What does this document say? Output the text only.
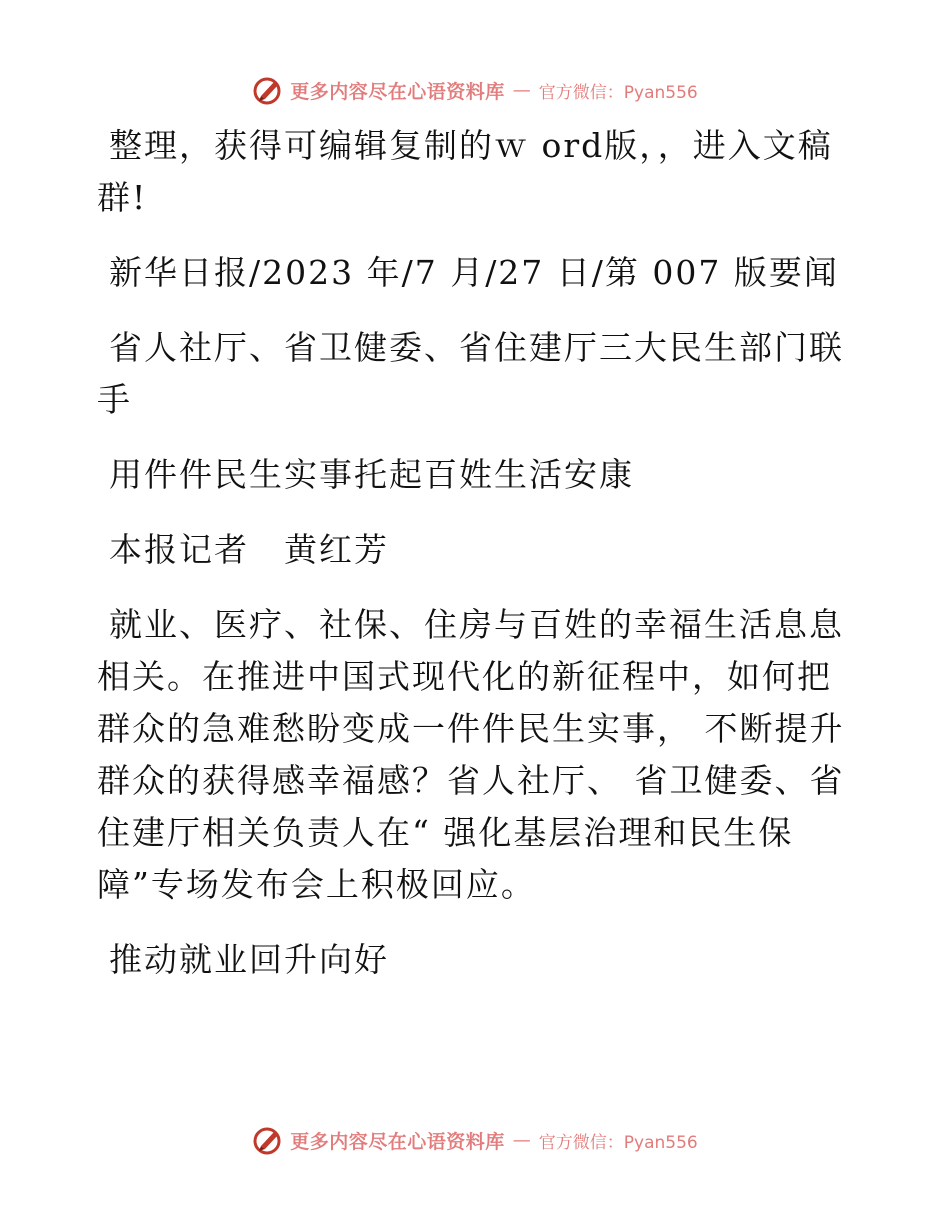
更多内容尽在心语资料库 — 官方微信：Pyan556

整理，获得可编辑复制的ｗ ord版，，进入文稿群!

新华日报/2023 年/7 月/27 日/第 007 版要闻

省人社厅、省卫健委、省住建厅三大民生部门联手

用件件民生实事托起百姓生活安康

本报记者　黄红芳

就业、医疗、社保、住房与百姓的幸福生活息息相关。在推进中国式现代化的新征程中，如何把群众的急难愁盼变成一件件民生实事， 不断提升群众的获得感幸福感？省人社厅、 省卫健委、省住建厅相关负责人在“ 强化基层治理和民生保障”专场发布会上积极回应。

推动就业回升向好

更多内容尽在心语资料库 — 官方微信：Pyan556
